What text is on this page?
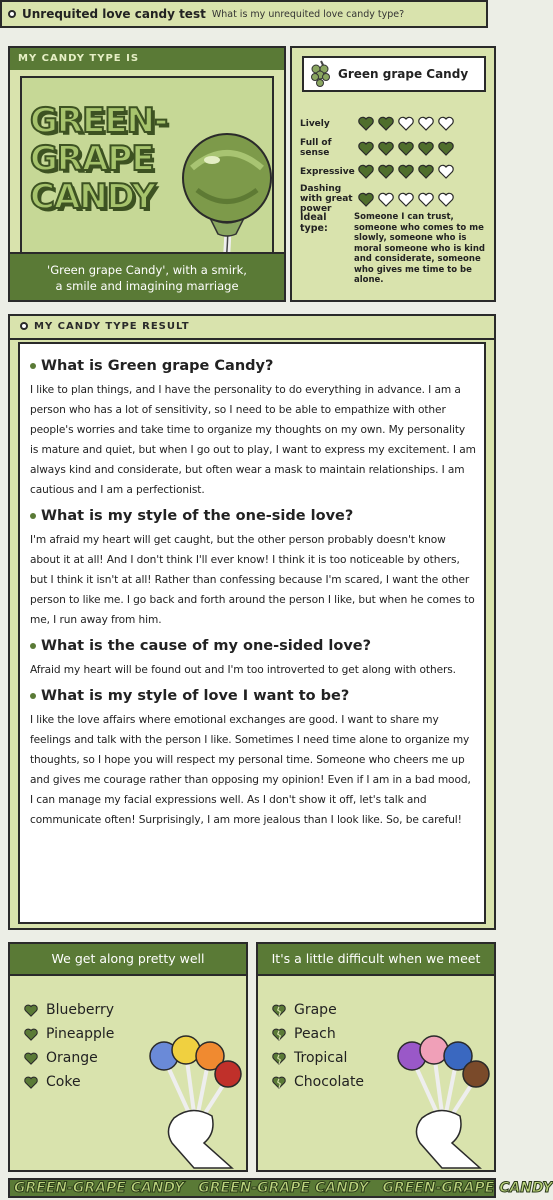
Unrequited love candy test What is my unrequited love candy type?
MY CANDY TYPE IS
GREEN-GRAPE
CANDY
'Green grape Candy', with a smirk,
a smile and imagining marriage
Green grape Candy
Lively
Full of sense
Expressive
Dashing with great power
Ideal type:
Someone I can trust, someone who comes to me slowly, someone who is moral someone who is kind and considerate, someone who gives me time to be alone.
MY CANDY TYPE RESULT
What is Green grape Candy?
I like to plan things, and I have the personality to do everything in advance. I am a person who has a lot of sensitivity, so I need to be able to empathize with other people's worries and take time to organize my thoughts on my own. My personality is mature and quiet, but when I go out to play, I want to express my excitement. I am always kind and considerate, but often wear a mask to maintain relationships. I am cautious and I am a perfectionist.
What is my style of the one-side love?
I'm afraid my heart will get caught, but the other person probably doesn't know about it at all! And I don't think I'll ever know! I think it is too noticeable by others, but I think it isn't at all! Rather than confessing because I'm scared, I want the other person to like me. I go back and forth around the person I like, but when he comes to me, I run away from him.
What is the cause of my one-sided love?
Afraid my heart will be found out and I'm too introverted to get along with others.
What is my style of love I want to be?
I like the love affairs where emotional exchanges are good. I want to share my feelings and talk with the person I like. Sometimes I need time alone to organize my thoughts, so I hope you will respect my personal time. Someone who cheers me up and gives me courage rather than opposing my opinion! Even if I am in a bad mood, I can manage my facial expressions well. As I don't show it off, let's talk and communicate often! Surprisingly, I am more jealous than I look like. So, be careful!
We get along pretty well
Blueberry
Pineapple
Orange
Coke
It's a little difficult when we meet
Grape
Peach
Tropical
Chocolate
GREEN-GRAPE CANDY GREEN-GRAPE CANDY GREEN-GRAPE CANDY
